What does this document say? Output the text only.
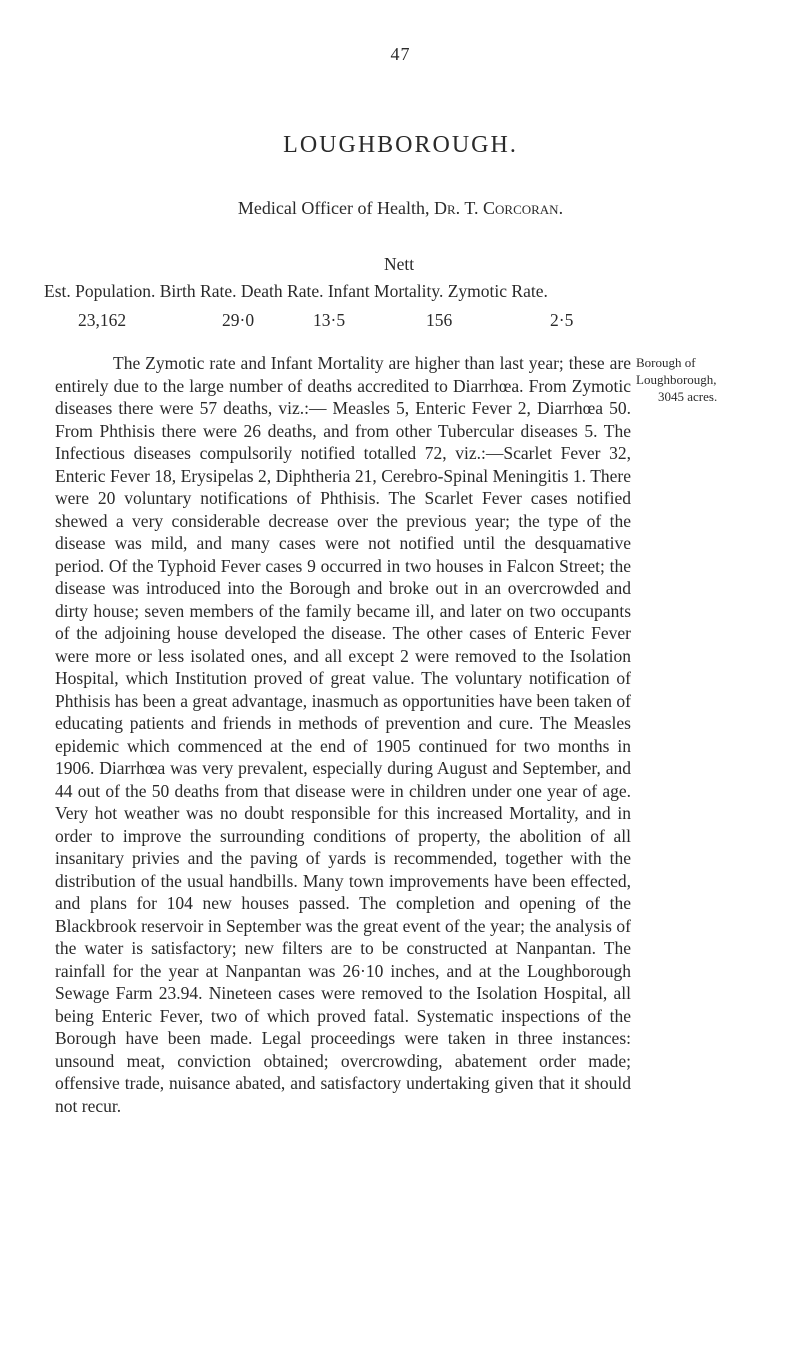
47
LOUGHBOROUGH.
Medical Officer of Health, Dr. T. Corcoran.
Nett
Est. Population. Birth Rate. Death Rate. Infant Mortality. Zymotic Rate.
23,162	29·0	13·5	156	2·5
Borough of
Loughborough,
3045 acres.

The Zymotic rate and Infant Mortality are higher than last year; these are entirely due to the large number of deaths accredited to Diarrhœa. From Zymotic diseases there were 57 deaths, viz.:— Measles 5, Enteric Fever 2, Diarrhœa 50. From Phthisis there were 26 deaths, and from other Tubercular diseases 5. The Infectious diseases compulsorily notified totalled 72, viz.:—Scarlet Fever 32, Enteric Fever 18, Erysipelas 2, Diphtheria 21, Cerebro-Spinal Meningitis 1. There were 20 voluntary notifications of Phthisis. The Scarlet Fever cases notified shewed a very considerable decrease over the previous year; the type of the disease was mild, and many cases were not notified until the desquamative period. Of the Typhoid Fever cases 9 occurred in two houses in Falcon Street; the disease was introduced into the Borough and broke out in an overcrowded and dirty house; seven members of the family became ill, and later on two occupants of the adjoining house developed the disease. The other cases of Enteric Fever were more or less isolated ones, and all except 2 were removed to the Isolation Hospital, which Institution proved of great value. The voluntary notification of Phthisis has been a great advantage, inasmuch as opportunities have been taken of educating patients and friends in methods of prevention and cure. The Measles epidemic which commenced at the end of 1905 continued for two months in 1906. Diarrhœa was very prevalent, especially during August and September, and 44 out of the 50 deaths from that disease were in children under one year of age. Very hot weather was no doubt responsible for this increased Mortality, and in order to improve the surrounding conditions of property, the abolition of all insanitary privies and the paving of yards is recommended, together with the distribution of the usual handbills. Many town improvements have been effected, and plans for 104 new houses passed. The completion and opening of the Blackbrook reservoir in September was the great event of the year; the analysis of the water is satisfactory; new filters are to be constructed at Nanpantan. The rainfall for the year at Nanpantan was 26·10 inches, and at the Loughborough Sewage Farm 23.94. Nineteen cases were removed to the Isolation Hospital, all being Enteric Fever, two of which proved fatal. Systematic inspections of the Borough have been made. Legal proceedings were taken in three instances: unsound meat, conviction obtained; overcrowding, abatement order made; offensive trade, nuisance abated, and satisfactory undertaking given that it should not recur.
